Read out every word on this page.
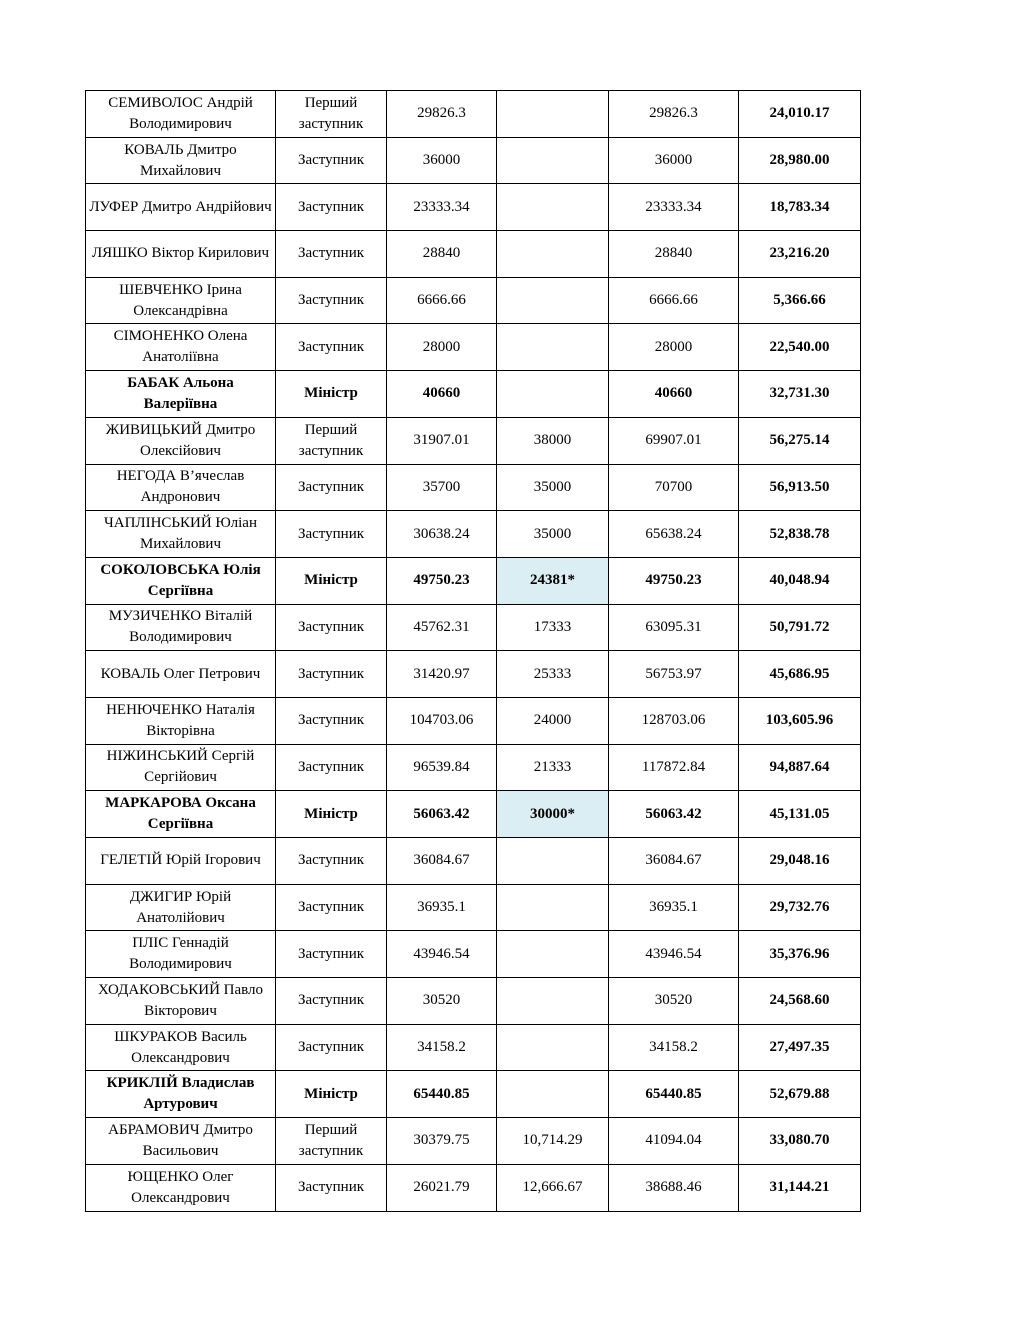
СЕМИВОЛОС Андрій Володимирович	Перший заступник	29826.3		29826.3	24,010.17
КОВАЛЬ Дмитро Михайлович	Заступник	36000		36000	28,980.00
ЛУФЕР Дмитро Андрійович	Заступник	23333.34		23333.34	18,783.34
ЛЯШКО Віктор Кирилович	Заступник	28840		28840	23,216.20
ШЕВЧЕНКО Ірина Олександрівна	Заступник	6666.66		6666.66	5,366.66
СІМОНЕНКО Олена Анатоліївна	Заступник	28000		28000	22,540.00
БАБАК Альона Валеріївна	Міністр	40660		40660	32,731.30
ЖИВИЦЬКИЙ Дмитро Олексійович	Перший заступник	31907.01	38000	69907.01	56,275.14
НЕГОДА В’ячеслав Андронович	Заступник	35700	35000	70700	56,913.50
ЧАПЛІНСЬКИЙ Юліан Михайлович	Заступник	30638.24	35000	65638.24	52,838.78
СОКОЛОВСЬКА Юлія Сергіївна	Міністр	49750.23	24381*	49750.23	40,048.94
МУЗИЧЕНКО Віталій Володимирович	Заступник	45762.31	17333	63095.31	50,791.72
КОВАЛЬ Олег Петрович	Заступник	31420.97	25333	56753.97	45,686.95
НЕНЮЧЕНКО Наталія Вікторівна	Заступник	104703.06	24000	128703.06	103,605.96
НІЖИНСЬКИЙ Сергій Сергійович	Заступник	96539.84	21333	117872.84	94,887.64
МАРКАРОВА Оксана Сергіївна	Міністр	56063.42	30000*	56063.42	45,131.05
ГЕЛЕТІЙ Юрій Ігорович	Заступник	36084.67		36084.67	29,048.16
ДЖИГИР Юрій Анатолійович	Заступник	36935.1		36935.1	29,732.76
ПЛІС Геннадій Володимирович	Заступник	43946.54		43946.54	35,376.96
ХОДАКОВСЬКИЙ Павло Вікторович	Заступник	30520		30520	24,568.60
ШКУРАКОВ Василь Олександрович	Заступник	34158.2		34158.2	27,497.35
КРИКЛІЙ Владислав Артурович	Міністр	65440.85		65440.85	52,679.88
АБРАМОВИЧ Дмитро Васильович	Перший заступник	30379.75	10,714.29	41094.04	33,080.70
ЮЩЕНКО Олег Олександрович	Заступник	26021.79	12,666.67	38688.46	31,144.21
